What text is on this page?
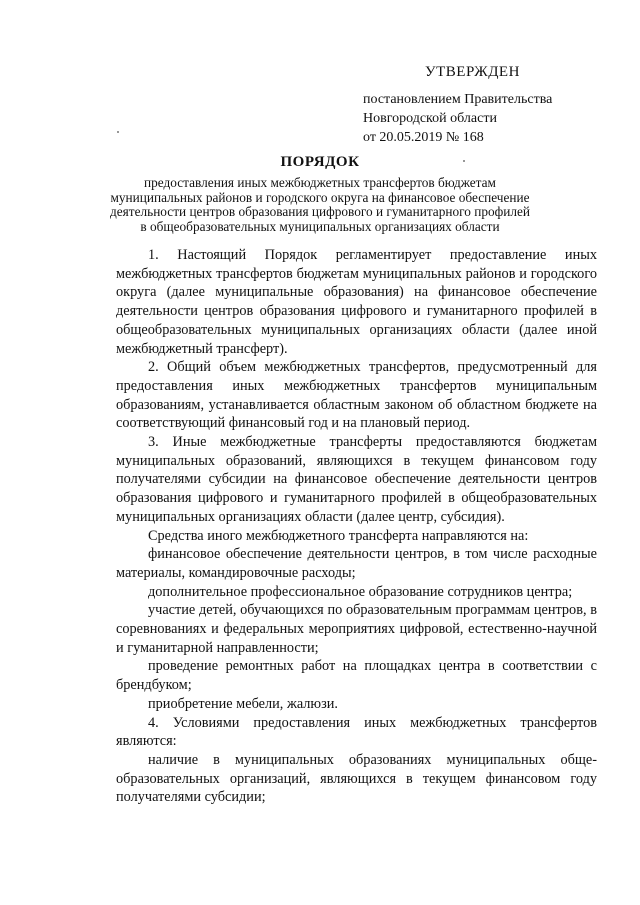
УТВЕРЖДЕН
постановлением Правительства
Новгородской области
от 20.05.2019 № 168
ПОРЯДОК
предоставления иных межбюджетных трансфертов бюджетам
муниципальных районов и городского округа на финансовое обеспечение
деятельности центров образования цифрового и гуманитарного профилей
в общеобразовательных муниципальных организациях области

1. Настоящий Порядок регламентирует предоставление иных межбюджетных трансфертов бюджетам муниципальных районов и городского округа (далее муниципальные образования) на финансовое обеспечение деятельности центров образования цифрового и гуманитарного профилей в общеобразовательных муниципальных организациях области (далее иной межбюджетный трансферт).

2. Общий объем межбюджетных трансфертов, предусмотренный для предоставления иных межбюджетных трансфертов муниципальным образованиям, устанавливается областным законом об областном бюджете на соответствующий финансовый год и на плановый период.

3. Иные межбюджетные трансферты предоставляются бюджетам муниципальных образований, являющихся в текущем финансовом году получателями субсидии на финансовое обеспечение деятельности центров образования цифрового и гуманитарного профилей в общеобразовательных муниципальных организациях области (далее центр, субсидия).

Средства иного межбюджетного трансферта направляются на:

финансовое обеспечение деятельности центров, в том числе расходные материалы, командировочные расходы;

дополнительное профессиональное образование сотрудников центра;

участие детей, обучающихся по образовательным программам центров, в соревнованиях и федеральных мероприятиях цифровой, естественно-научной и гуманитарной направленности;

проведение ремонтных работ на площадках центра в соответствии с брендбуком;

приобретение мебели, жалюзи.

4. Условиями предоставления иных межбюджетных трансфертов являются:

наличие в муниципальных образованиях муниципальных обще-образовательных организаций, являющихся в текущем финансовом году получателями субсидии;
